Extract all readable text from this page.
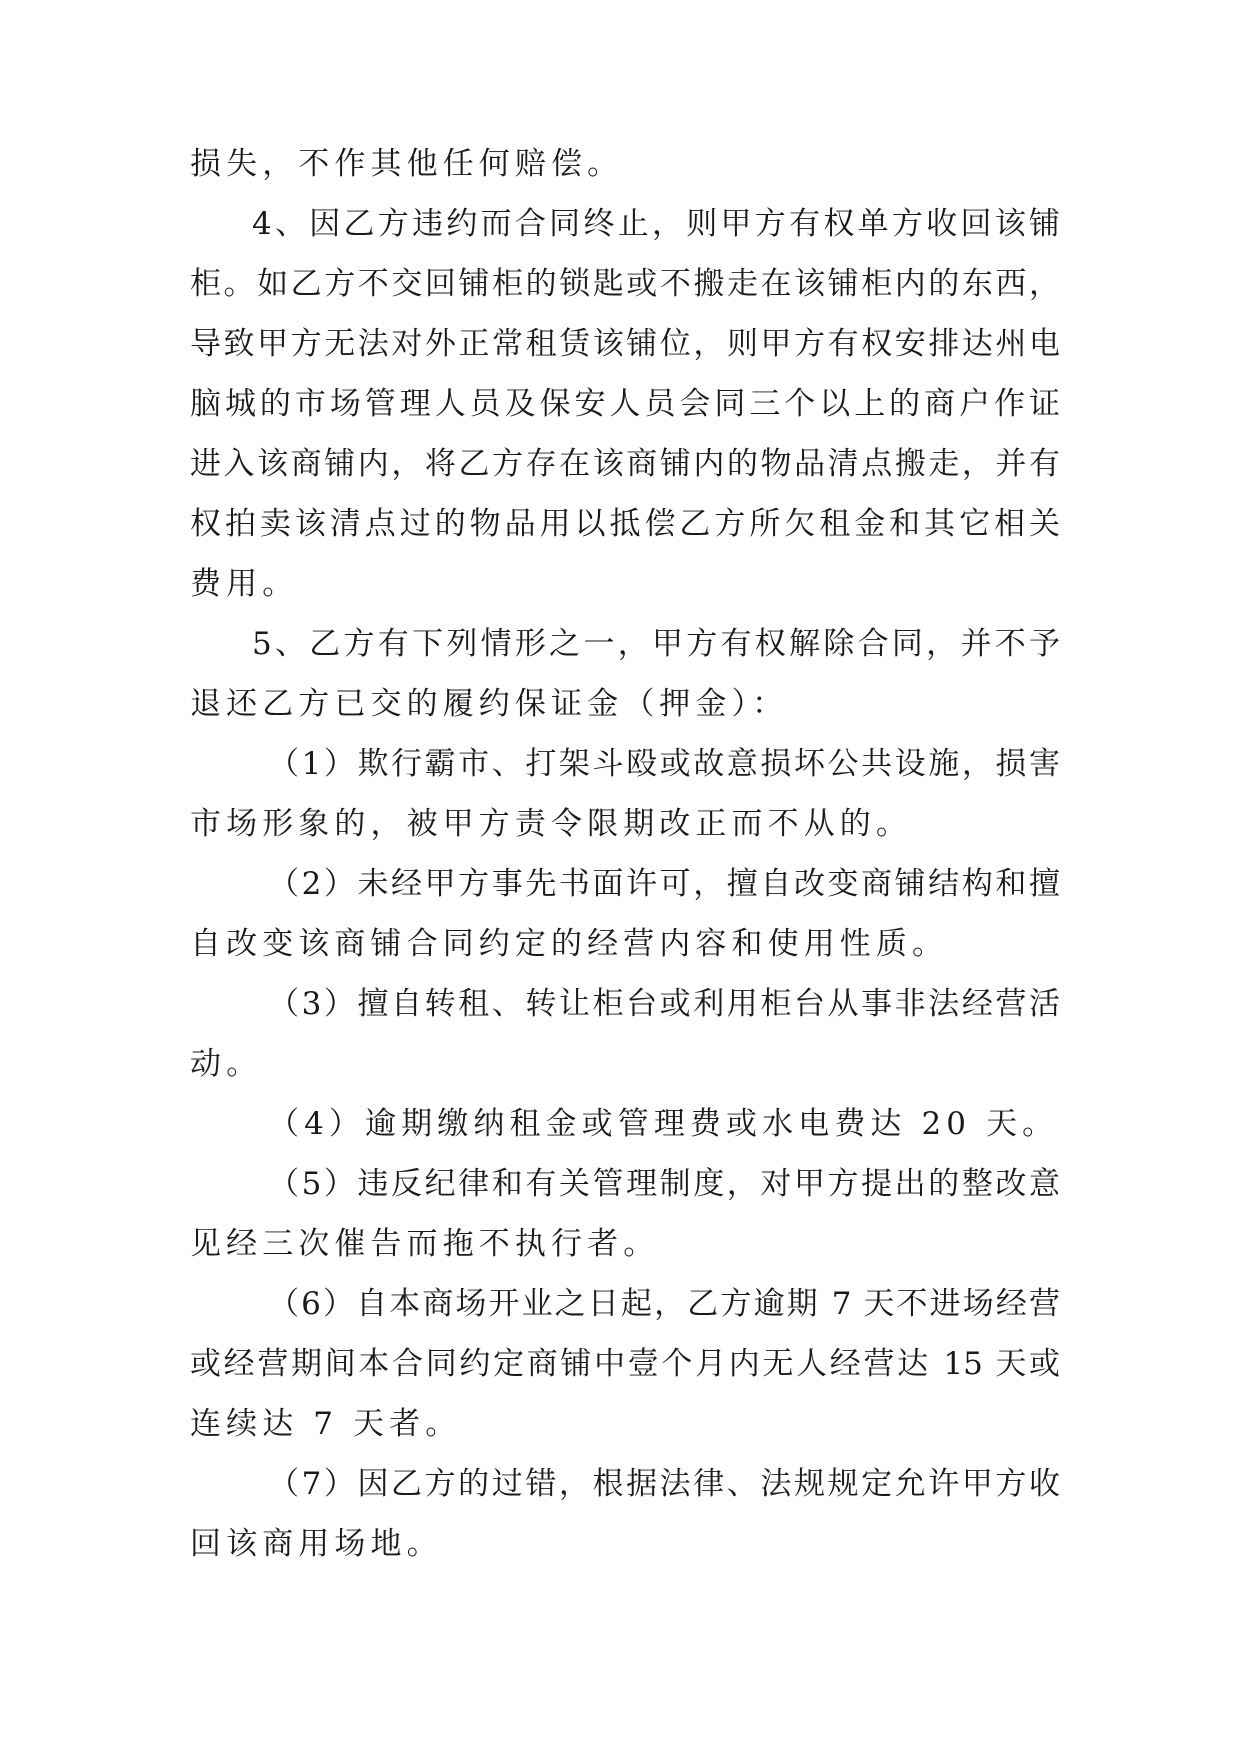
损失，不作其他任何赔偿。
4、因乙方违约而合同终止，则甲方有权单方收回该铺
柜。如乙方不交回铺柜的锁匙或不搬走在该铺柜内的东西，
导致甲方无法对外正常租赁该铺位，则甲方有权安排达州电
脑城的市场管理人员及保安人员会同三个以上的商户作证
进入该商铺内，将乙方存在该商铺内的物品清点搬走，并有
权拍卖该清点过的物品用以抵偿乙方所欠租金和其它相关
费用。
5、乙方有下列情形之一，甲方有权解除合同，并不予
退还乙方已交的履约保证金（押金）：
（1）欺行霸市、打架斗殴或故意损坏公共设施，损害
市场形象的，被甲方责令限期改正而不从的。
（2）未经甲方事先书面许可，擅自改变商铺结构和擅
自改变该商铺合同约定的经营内容和使用性质。
（3）擅自转租、转让柜台或利用柜台从事非法经营活
动。
（4）逾期缴纳租金或管理费或水电费达 20 天。
（5）违反纪律和有关管理制度，对甲方提出的整改意
见经三次催告而拖不执行者。
（6）自本商场开业之日起，乙方逾期 7 天不进场经营
或经营期间本合同约定商铺中壹个月内无人经营达 15 天或
连续达 7 天者。
（7）因乙方的过错，根据法律、法规规定允许甲方收
回该商用场地。
